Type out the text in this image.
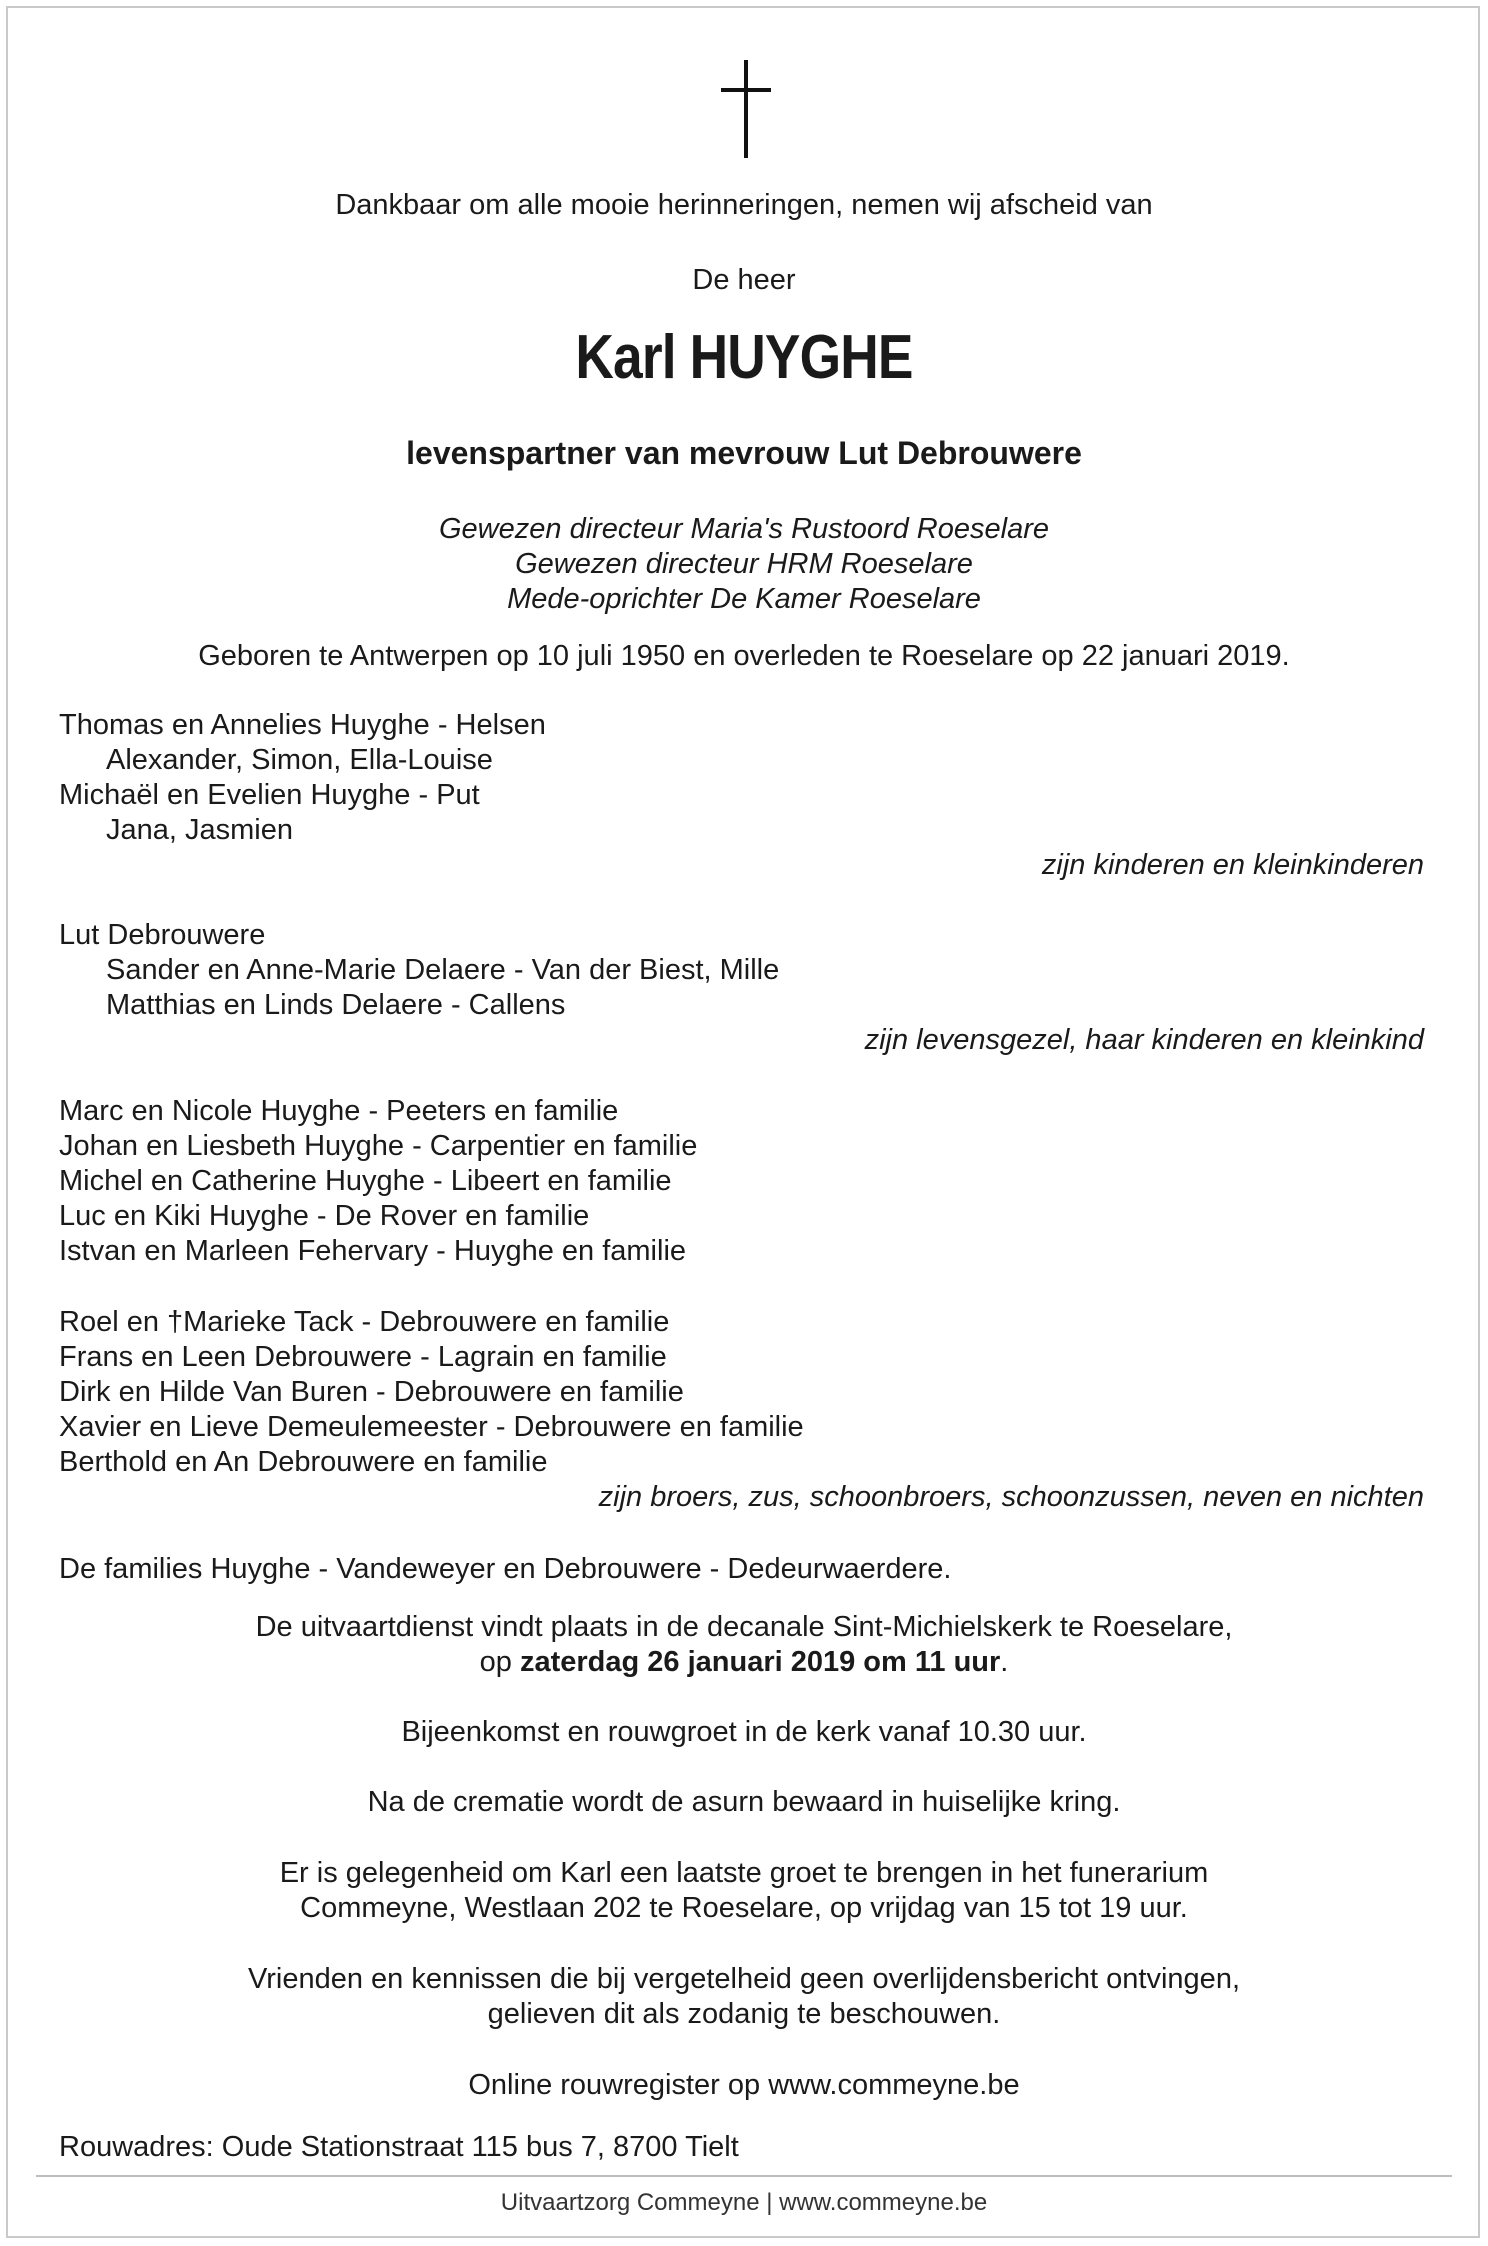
Dankbaar om alle mooie herinneringen, nemen wij afscheid van
De heer
Karl HUYGHE
levenspartner van mevrouw Lut Debrouwere
Gewezen directeur Maria's Rustoord Roeselare
Gewezen directeur HRM Roeselare
Mede-oprichter De Kamer Roeselare
Geboren te Antwerpen op 10 juli 1950 en overleden te Roeselare op 22 januari 2019.
Thomas en Annelies Huyghe - Helsen
Alexander, Simon, Ella-Louise
Michaël en Evelien Huyghe - Put
Jana, Jasmien
zijn kinderen en kleinkinderen
Lut Debrouwere
Sander en Anne-Marie Delaere - Van der Biest, Mille
Matthias en Linds Delaere - Callens
zijn levensgezel, haar kinderen en kleinkind
Marc en Nicole Huyghe - Peeters en familie
Johan en Liesbeth Huyghe - Carpentier en familie
Michel en Catherine Huyghe - Libeert en familie
Luc en Kiki Huyghe - De Rover en familie
Istvan en Marleen Fehervary - Huyghe en familie
Roel en †Marieke Tack - Debrouwere en familie
Frans en Leen Debrouwere - Lagrain en familie
Dirk en Hilde Van Buren - Debrouwere en familie
Xavier en Lieve Demeulemeester - Debrouwere en familie
Berthold en An Debrouwere en familie
zijn broers, zus, schoonbroers, schoonzussen, neven en nichten
De families Huyghe - Vandeweyer en Debrouwere - Dedeurwaerdere.
De uitvaartdienst vindt plaats in de decanale Sint-Michielskerk te Roeselare,
op zaterdag 26 januari 2019 om 11 uur.
Bijeenkomst en rouwgroet in de kerk vanaf 10.30 uur.
Na de crematie wordt de asurn bewaard in huiselijke kring.
Er is gelegenheid om Karl een laatste groet te brengen in het funerarium
Commeyne, Westlaan 202 te Roeselare, op vrijdag van 15 tot 19 uur.
Vrienden en kennissen die bij vergetelheid geen overlijdensbericht ontvingen,
gelieven dit als zodanig te beschouwen.
Online rouwregister op www.commeyne.be
Rouwadres: Oude Stationstraat 115 bus 7, 8700 Tielt
Uitvaartzorg Commeyne | www.commeyne.be
